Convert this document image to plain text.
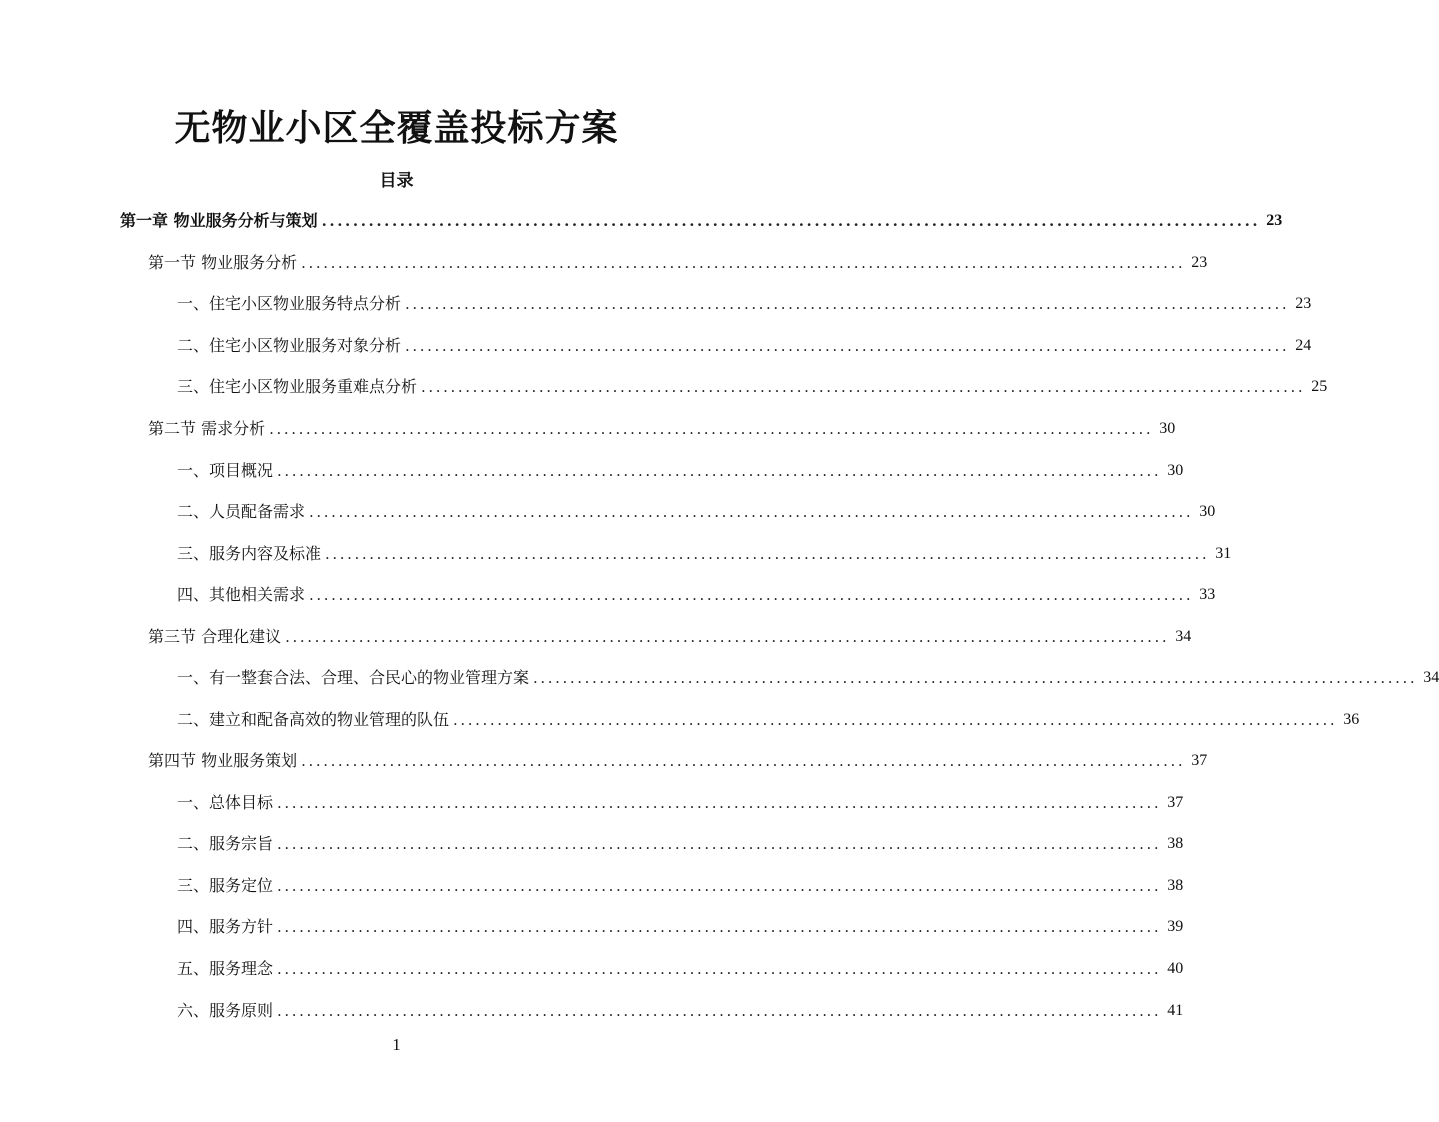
无物业小区全覆盖投标方案
目录
第一章 物业服务分析与策划 ........................................................................................................................ 23
第一节 物业服务分析 ........................................................................................................................ 23
一、住宅小区物业服务特点分析 ........................................................................................................................ 23
二、住宅小区物业服务对象分析 ........................................................................................................................ 24
三、住宅小区物业服务重难点分析 ........................................................................................................................ 25
第二节 需求分析 ........................................................................................................................ 30
一、项目概况 ........................................................................................................................ 30
二、人员配备需求 ........................................................................................................................ 30
三、服务内容及标准 ........................................................................................................................ 31
四、其他相关需求 ........................................................................................................................ 33
第三节 合理化建议 ........................................................................................................................ 34
一、有一整套合法、合理、合民心的物业管理方案 ........................................................................................................................ 34
二、建立和配备高效的物业管理的队伍 ........................................................................................................................ 36
第四节 物业服务策划 ........................................................................................................................ 37
一、总体目标 ........................................................................................................................ 37
二、服务宗旨 ........................................................................................................................ 38
三、服务定位 ........................................................................................................................ 38
四、服务方针 ........................................................................................................................ 39
五、服务理念 ........................................................................................................................ 40
六、服务原则 ........................................................................................................................ 41
1
